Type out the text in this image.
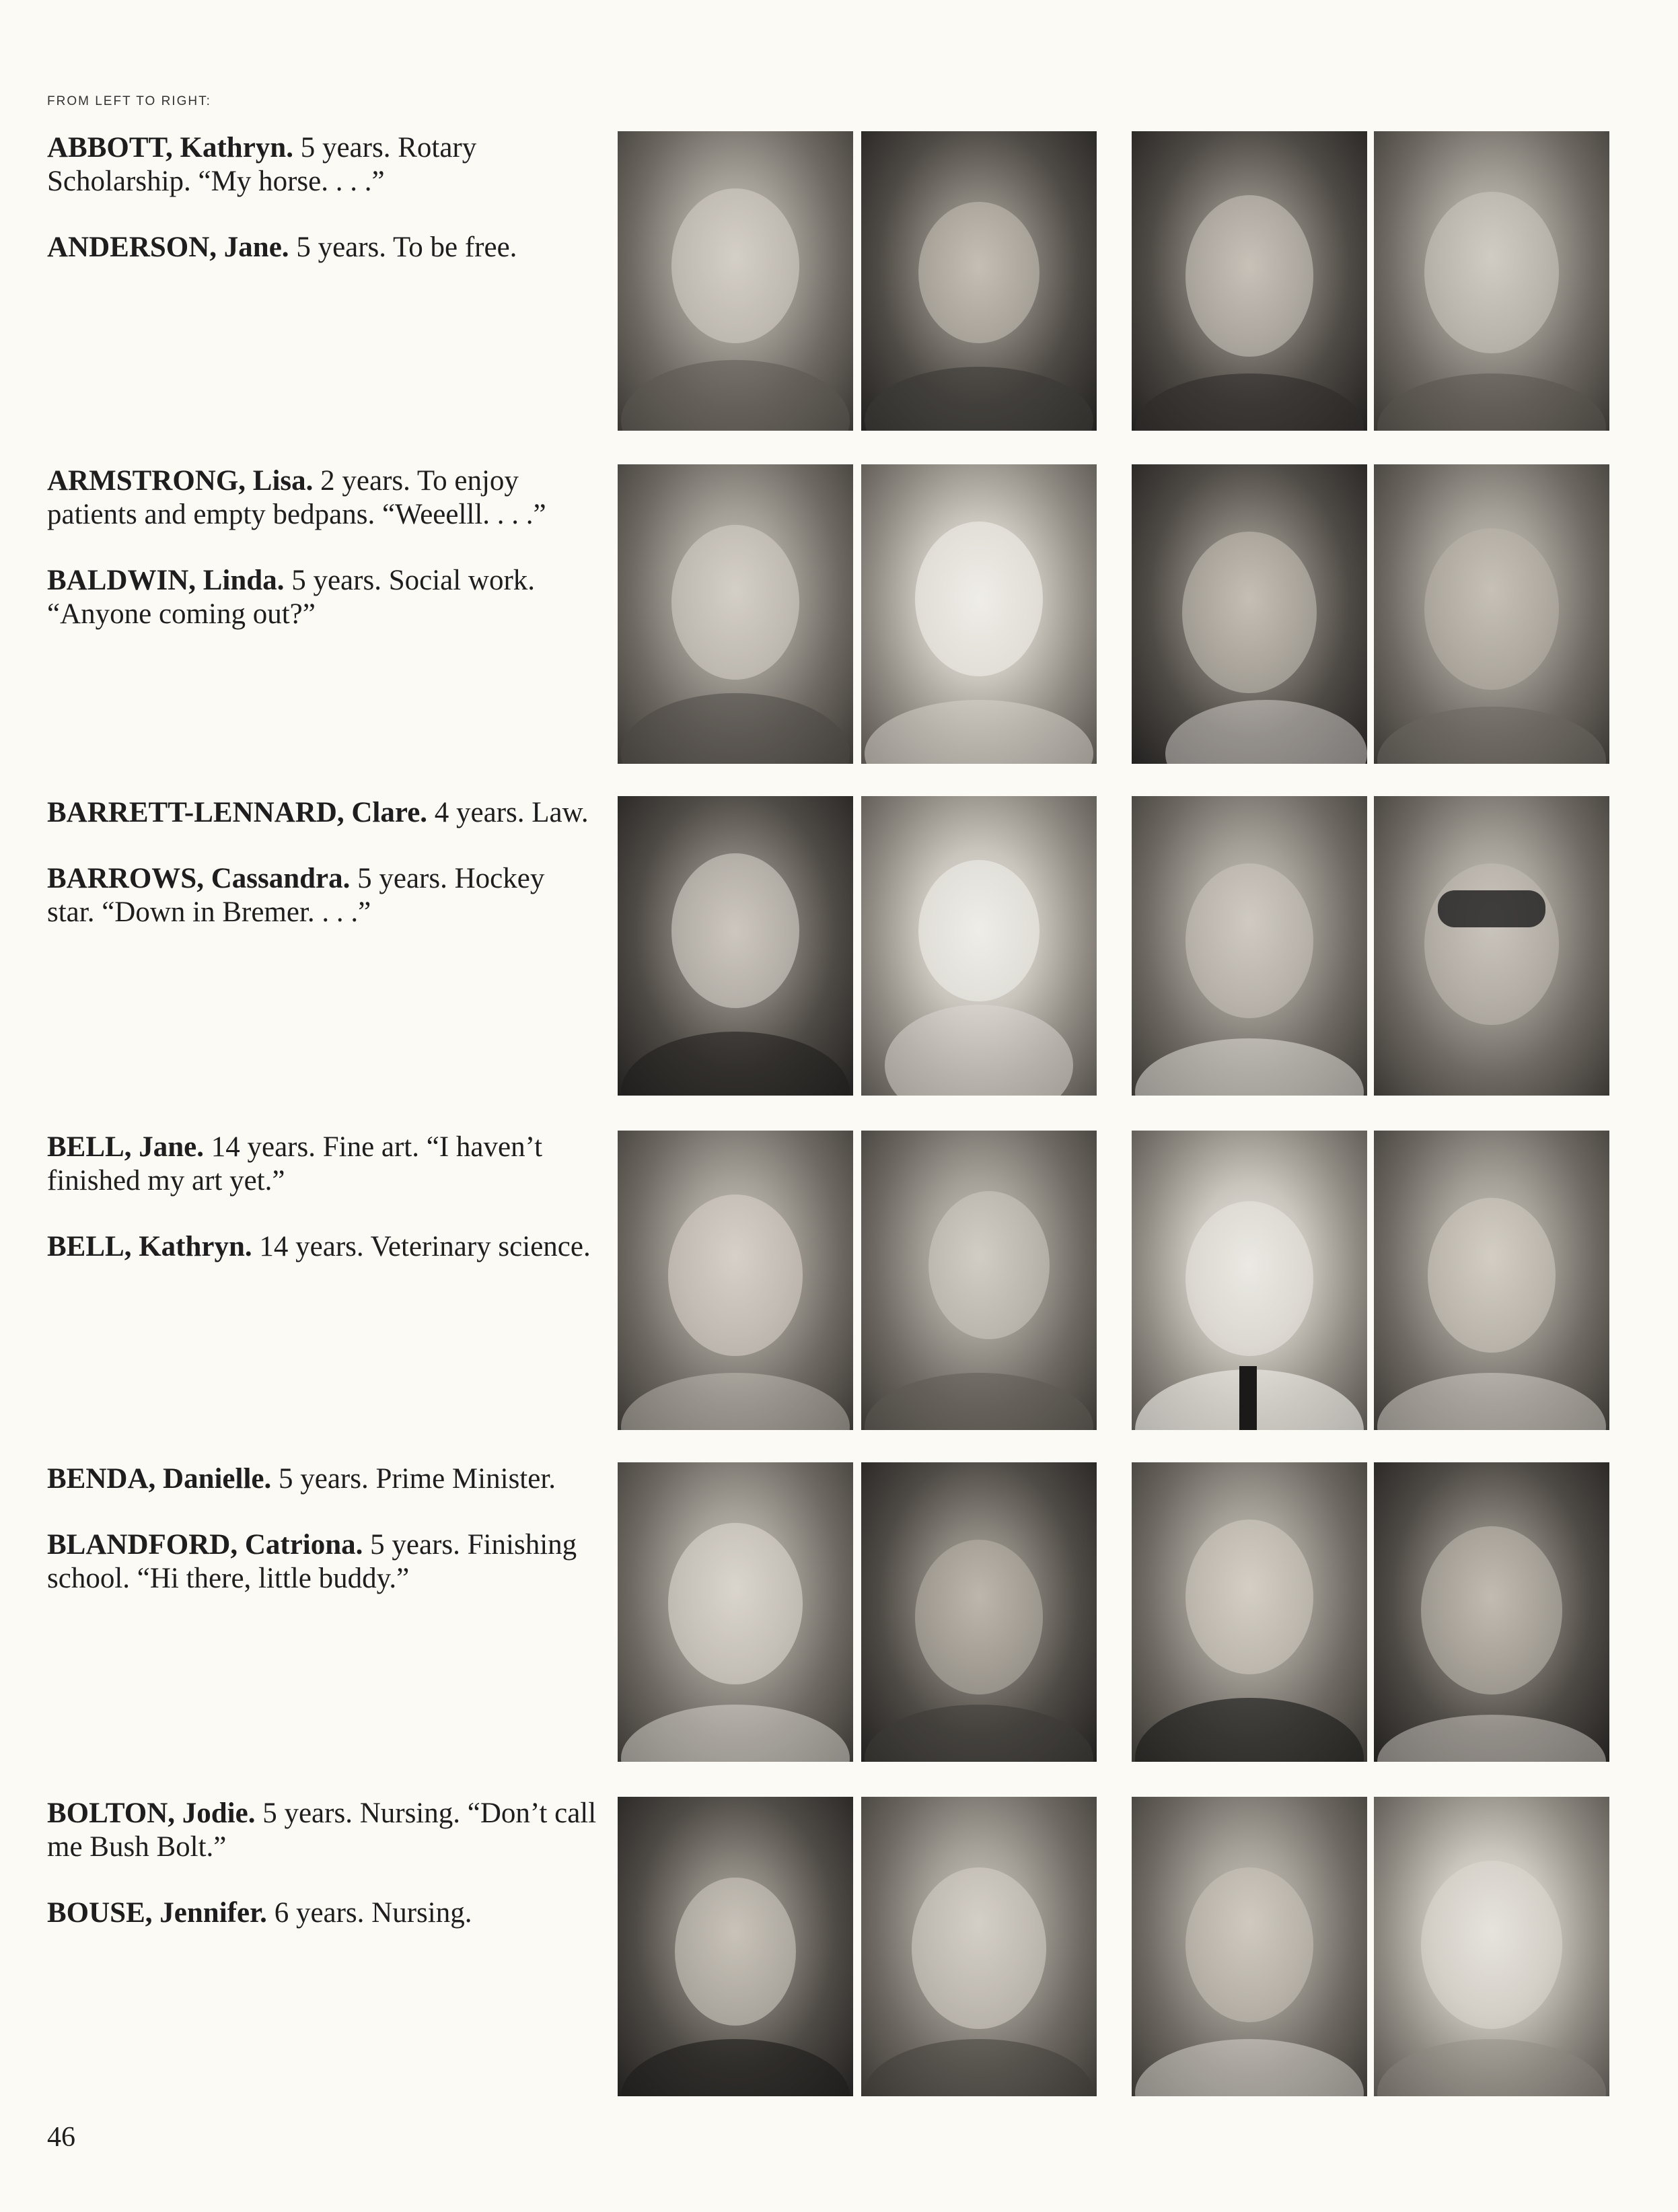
FROM LEFT TO RIGHT:

ABBOTT, Kathryn. 5 years. Rotary Scholarship. “My horse. . . .”

ANDERSON, Jane. 5 years. To be free.

ARMSTRONG, Lisa. 2 years. To enjoy patients and empty bedpans. “Weeelll. . . .”

BALDWIN, Linda. 5 years. Social work. “Anyone coming out?”

BARRETT-LENNARD, Clare. 4 years. Law.

BARROWS, Cassandra. 5 years. Hockey star. “Down in Bremer. . . .”

BELL, Jane. 14 years. Fine art. “I haven’t finished my art yet.”

BELL, Kathryn. 14 years. Veterinary science.

BENDA, Danielle. 5 years. Prime Minister.

BLANDFORD, Catriona. 5 years. Finishing school. “Hi there, little buddy.”

BOLTON, Jodie. 5 years. Nursing. “Don’t call me Bush Bolt.”

BOUSE, Jennifer. 6 years. Nursing.

46
